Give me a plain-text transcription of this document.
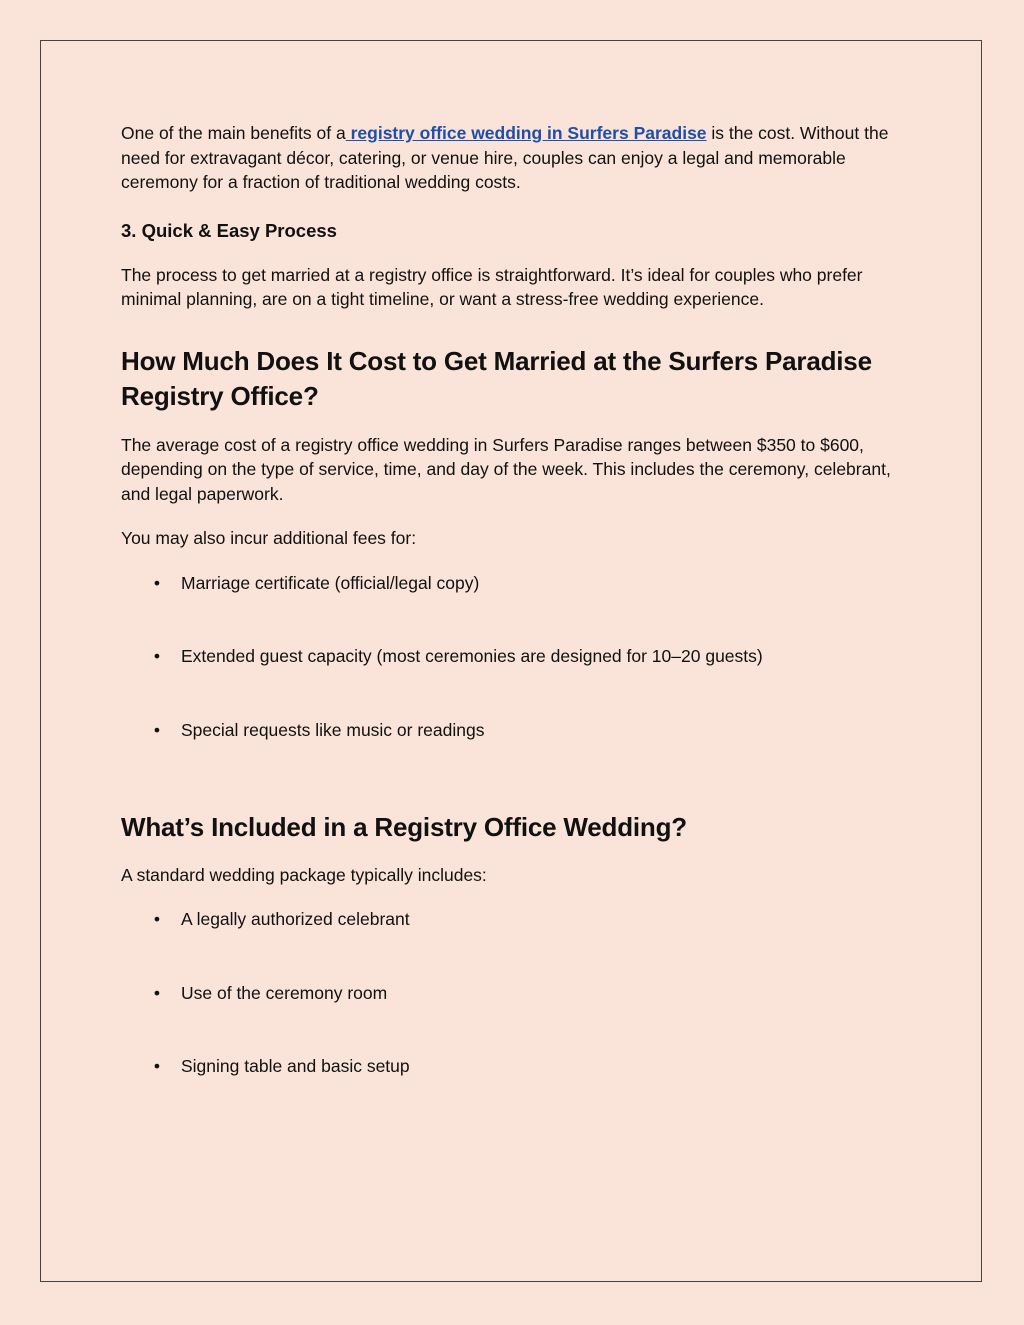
One of the main benefits of a registry office wedding in Surfers Paradise is the cost. Without the need for extravagant décor, catering, or venue hire, couples can enjoy a legal and memorable ceremony for a fraction of traditional wedding costs.

3. Quick & Easy Process

The process to get married at a registry office is straightforward. It’s ideal for couples who prefer minimal planning, are on a tight timeline, or want a stress-free wedding experience.

How Much Does It Cost to Get Married at the Surfers Paradise Registry Office?

The average cost of a registry office wedding in Surfers Paradise ranges between $350 to $600, depending on the type of service, time, and day of the week. This includes the ceremony, celebrant, and legal paperwork.

You may also incur additional fees for:

• Marriage certificate (official/legal copy)
• Extended guest capacity (most ceremonies are designed for 10–20 guests)
• Special requests like music or readings
What’s Included in a Registry Office Wedding?

A standard wedding package typically includes:

• A legally authorized celebrant
• Use of the ceremony room
• Signing table and basic setup
